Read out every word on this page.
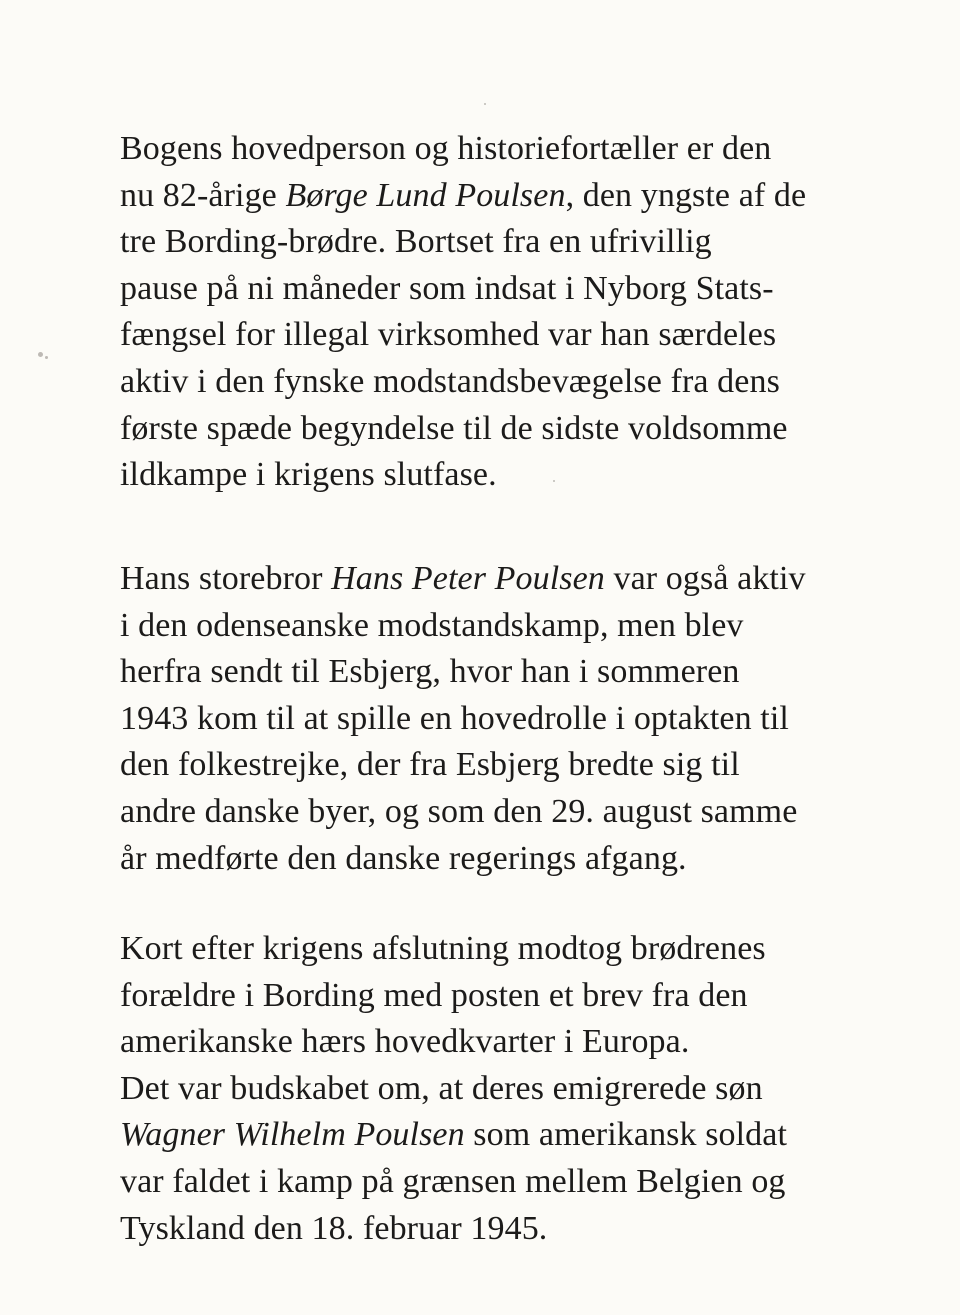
Bogens hovedperson og historiefortæller er den
nu 82-årige Børge Lund Poulsen, den yngste af de
tre Bording-brødre. Bortset fra en ufrivillig
pause på ni måneder som indsat i Nyborg Stats-
fængsel for illegal virksomhed var han særdeles
aktiv i den fynske modstandsbevægelse fra dens
første spæde begyndelse til de sidste voldsomme
ildkampe i krigens slutfase.
Hans storebror Hans Peter Poulsen var også aktiv
i den odenseanske modstandskamp, men blev
herfra sendt til Esbjerg, hvor han i sommeren
1943 kom til at spille en hovedrolle i optakten til
den folkestrejke, der fra Esbjerg bredte sig til
andre danske byer, og som den 29. august samme
år medførte den danske regerings afgang.
Kort efter krigens afslutning modtog brødrenes
forældre i Bording med posten et brev fra den
amerikanske hærs hovedkvarter i Europa.
Det var budskabet om, at deres emigrerede søn
Wagner Wilhelm Poulsen som amerikansk soldat
var faldet i kamp på grænsen mellem Belgien og
Tyskland den 18. februar 1945.
